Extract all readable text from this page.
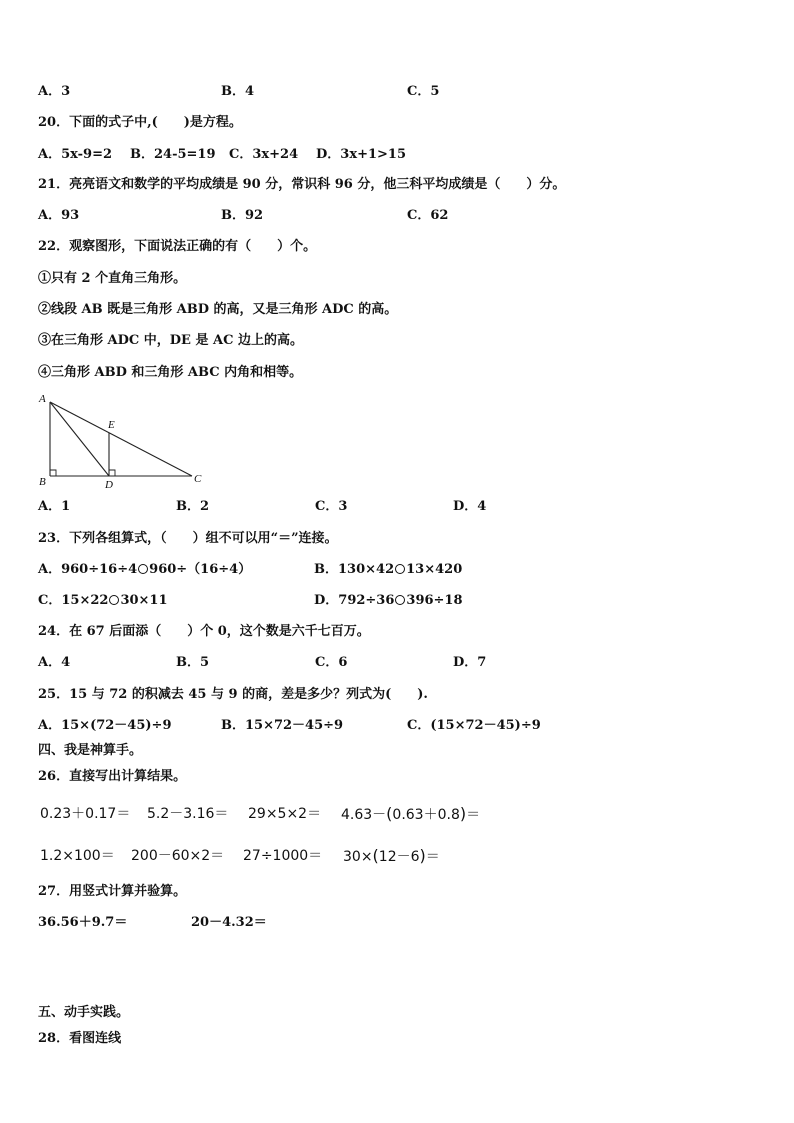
A．3	B．4	C．5
20．下面的式子中,(　　)是方程。
A．5x-9=2 B．24-5=19 C．3x+24 D．3x+1>15
21．亮亮语文和数学的平均成绩是 90 分，常识科 96 分，他三科平均成绩是（　　）分。
A．93	B．92	C．62
22．观察图形，下面说法正确的有（　　）个。
①只有 2 个直角三角形。
②线段 AB 既是三角形 ABD 的高，又是三角形 ADC 的高。
③在三角形 ADC 中，DE 是 AC 边上的高。
④三角形 ABD 和三角形 ABC 内角和相等。
A
B	C
D
E
A．1	B．2	C．3	D．4
23．下列各组算式，（　　）组不可以用“＝”连接。
A．960÷16÷4 960÷（16÷4）	B．130×42 13×420
C．15×22 30×11	D．792÷36 396÷18
24．在 67 后面添（　　）个 0，这个数是六千七百万。
A．4	B．5	C．6	D．7
25．15 与 72 的积减去 45 与 9 的商，差是多少？列式为(　　).
A．15×(72－45)÷9	B．15×72－45÷9	C．(15×72－45)÷9
四、我是神算手。
26．直接写出计算结果。
0.23＋0.17＝ 5.2－3.16＝ 29×5×2＝ 4.63－(0.63＋0.8)＝
1.2×100＝ 200－60×2＝ 27÷1000＝ 30×(12－6)＝
27．用竖式计算并验算。
36.56＋9.7＝	20－4.32＝
五、动手实践。
28．看图连线
